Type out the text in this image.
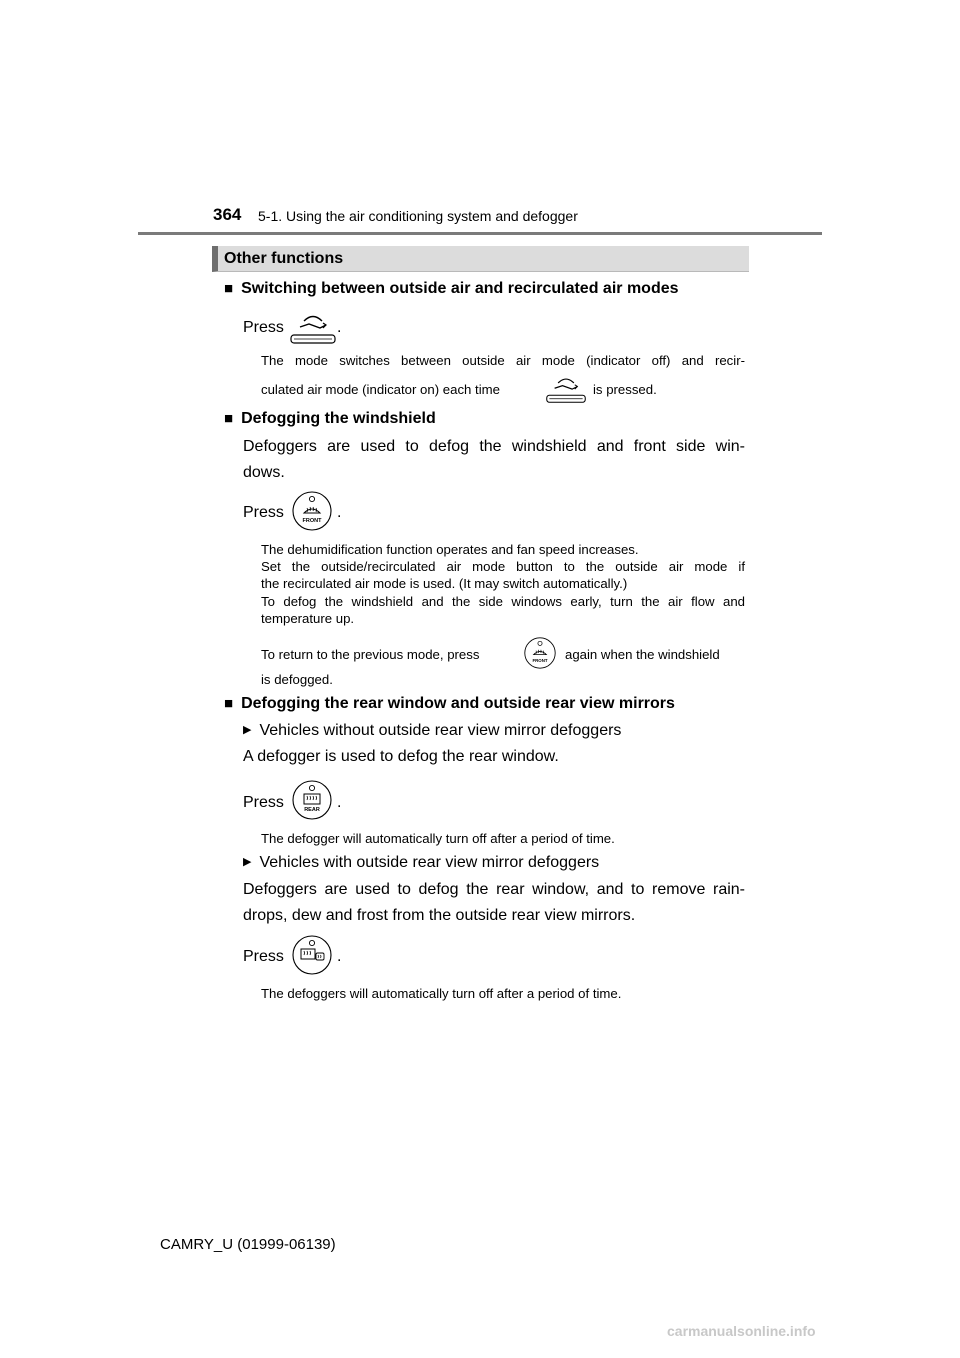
364 5-1. Using the air conditioning system and defogger
Other functions
■ Switching between outside air and recirculated air modes
Press	.
The mode switches between outside air mode (indicator off) and recir-
culated air mode (indicator on) each time	is pressed.
■ Defogging the windshield
Defoggers are used to defog the windshield and front side win-
dows.
Press	FRONT .
The dehumidification function operates and fan speed increases.
Set the outside/recirculated air mode button to the outside air mode if
the recirculated air mode is used. (It may switch automatically.)
To defog the windshield and the side windows early, turn the air flow and
temperature up.
To return to the previous mode, press	FRONT again when the windshield
is defogged.
■ Defogging the rear window and outside rear view mirrors
▶ Vehicles without outside rear view mirror defoggers
A defogger is used to defog the rear window.
Press	REAR .
The defogger will automatically turn off after a period of time.
▶ Vehicles with outside rear view mirror defoggers
Defoggers are used to defog the rear window, and to remove rain-
drops, dew and frost from the outside rear view mirrors.
Press	.
The defoggers will automatically turn off after a period of time.
CAMRY_U (01999-06139)
carmanualsonline.info
